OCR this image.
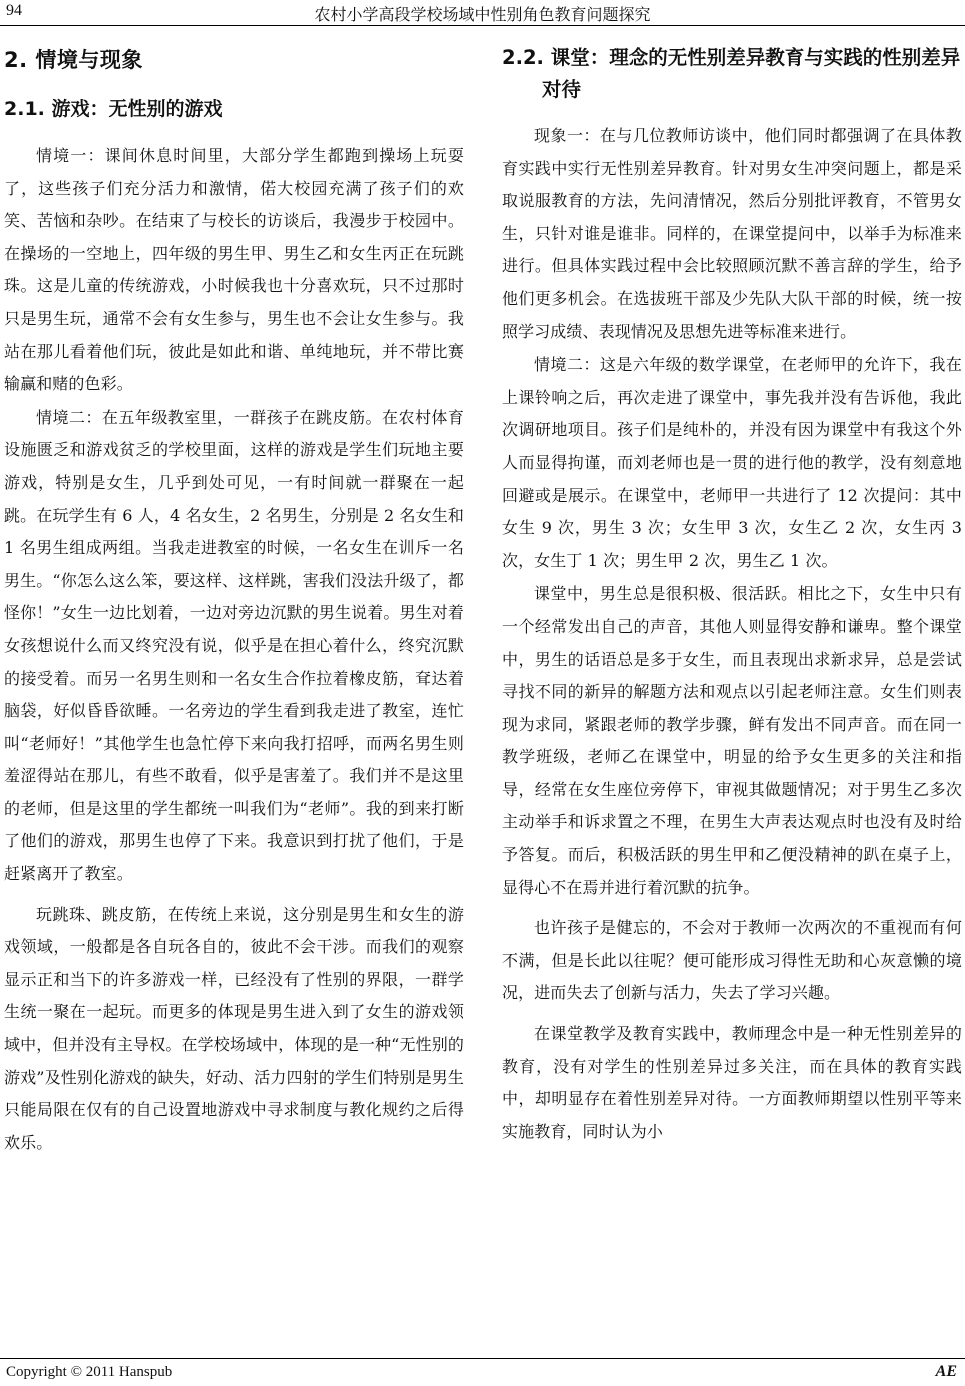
94	农村小学高段学校场域中性别角色教育问题探究
2. 情境与现象
2.1. 游戏：无性别的游戏

情境一：课间休息时间里，大部分学生都跑到操场上玩耍了，这些孩子们充分活力和激情，偌大校园充满了孩子们的欢笑、苦恼和杂吵。在结束了与校长的访谈后，我漫步于校园中。在操场的一空地上，四年级的男生甲、男生乙和女生丙正在玩跳珠。这是儿童的传统游戏，小时候我也十分喜欢玩，只不过那时只是男生玩，通常不会有女生参与，男生也不会让女生参与。我站在那儿看着他们玩，彼此是如此和谐、单纯地玩，并不带比赛输赢和赌的色彩。

情境二：在五年级教室里，一群孩子在跳皮筋。在农村体育设施匮乏和游戏贫乏的学校里面，这样的游戏是学生们玩地主要游戏，特别是女生，几乎到处可见，一有时间就一群聚在一起跳。在玩学生有 6 人，4 名女生，2 名男生，分别是 2 名女生和 1 名男生组成两组。当我走进教室的时候，一名女生在训斥一名男生。“你怎么这么笨，要这样、这样跳，害我们没法升级了，都怪你！”女生一边比划着，一边对旁边沉默的男生说着。男生对着女孩想说什么而又终究没有说，似乎是在担心着什么，终究沉默的接受着。而另一名男生则和一名女生合作拉着橡皮筋，耷达着脑袋，好似昏昏欲睡。一名旁边的学生看到我走进了教室，连忙叫“老师好！”其他学生也急忙停下来向我打招呼，而两名男生则羞涩得站在那儿，有些不敢看，似乎是害羞了。我们并不是这里的老师，但是这里的学生都统一叫我们为“老师”。我的到来打断了他们的游戏，那男生也停了下来。我意识到打扰了他们，于是赶紧离开了教室。

玩跳珠、跳皮筋，在传统上来说，这分别是男生和女生的游戏领域，一般都是各自玩各自的，彼此不会干涉。而我们的观察显示正和当下的许多游戏一样，已经没有了性别的界限，一群学生统一聚在一起玩。而更多的体现是男生进入到了女生的游戏领域中，但并没有主导权。在学校场域中，体现的是一种“无性别的游戏”及性别化游戏的缺失，好动、活力四射的学生们特别是男生只能局限在仅有的自己设置地游戏中寻求制度与教化规约之后得欢乐。

2.2. 课堂：理念的无性别差异教育与实践的性别差异对待

现象一：在与几位教师访谈中，他们同时都强调了在具体教育实践中实行无性别差异教育。针对男女生冲突问题上，都是采取说服教育的方法，先问清情况，然后分别批评教育，不管男女生，只针对谁是谁非。同样的，在课堂提问中，以举手为标准来进行。但具体实践过程中会比较照顾沉默不善言辞的学生，给予他们更多机会。在选拔班干部及少先队大队干部的时候，统一按照学习成绩、表现情况及思想先进等标准来进行。

情境二：这是六年级的数学课堂，在老师甲的允许下，我在上课铃响之后，再次走进了课堂中，事先我并没有告诉他，我此次调研地项目。孩子们是纯朴的，并没有因为课堂中有我这个外人而显得拘谨，而刘老师也是一贯的进行他的教学，没有刻意地回避或是展示。在课堂中，老师甲一共进行了 12 次提问：其中女生 9 次，男生 3 次；女生甲 3 次，女生乙 2 次，女生丙 3 次，女生丁 1 次；男生甲 2 次，男生乙 1 次。

课堂中，男生总是很积极、很活跃。相比之下，女生中只有一个经常发出自己的声音，其他人则显得安静和谦卑。整个课堂中，男生的话语总是多于女生，而且表现出求新求异，总是尝试寻找不同的新异的解题方法和观点以引起老师注意。女生们则表现为求同，紧跟老师的教学步骤，鲜有发出不同声音。而在同一教学班级，老师乙在课堂中，明显的给予女生更多的关注和指导，经常在女生座位旁停下，审视其做题情况；对于男生乙多次主动举手和诉求置之不理，在男生大声表达观点时也没有及时给予答复。而后，积极活跃的男生甲和乙便没精神的趴在桌子上，显得心不在焉并进行着沉默的抗争。

也许孩子是健忘的，不会对于教师一次两次的不重视而有何不满，但是长此以往呢？便可能形成习得性无助和心灰意懒的境况，进而失去了创新与活力，失去了学习兴趣。

在课堂教学及教育实践中，教师理念中是一种无性别差异的教育，没有对学生的性别差异过多关注，而在具体的教育实践中，却明显存在着性别差异对待。一方面教师期望以性别平等来实施教育，同时认为小

Copyright © 2011 Hanspub	AE
